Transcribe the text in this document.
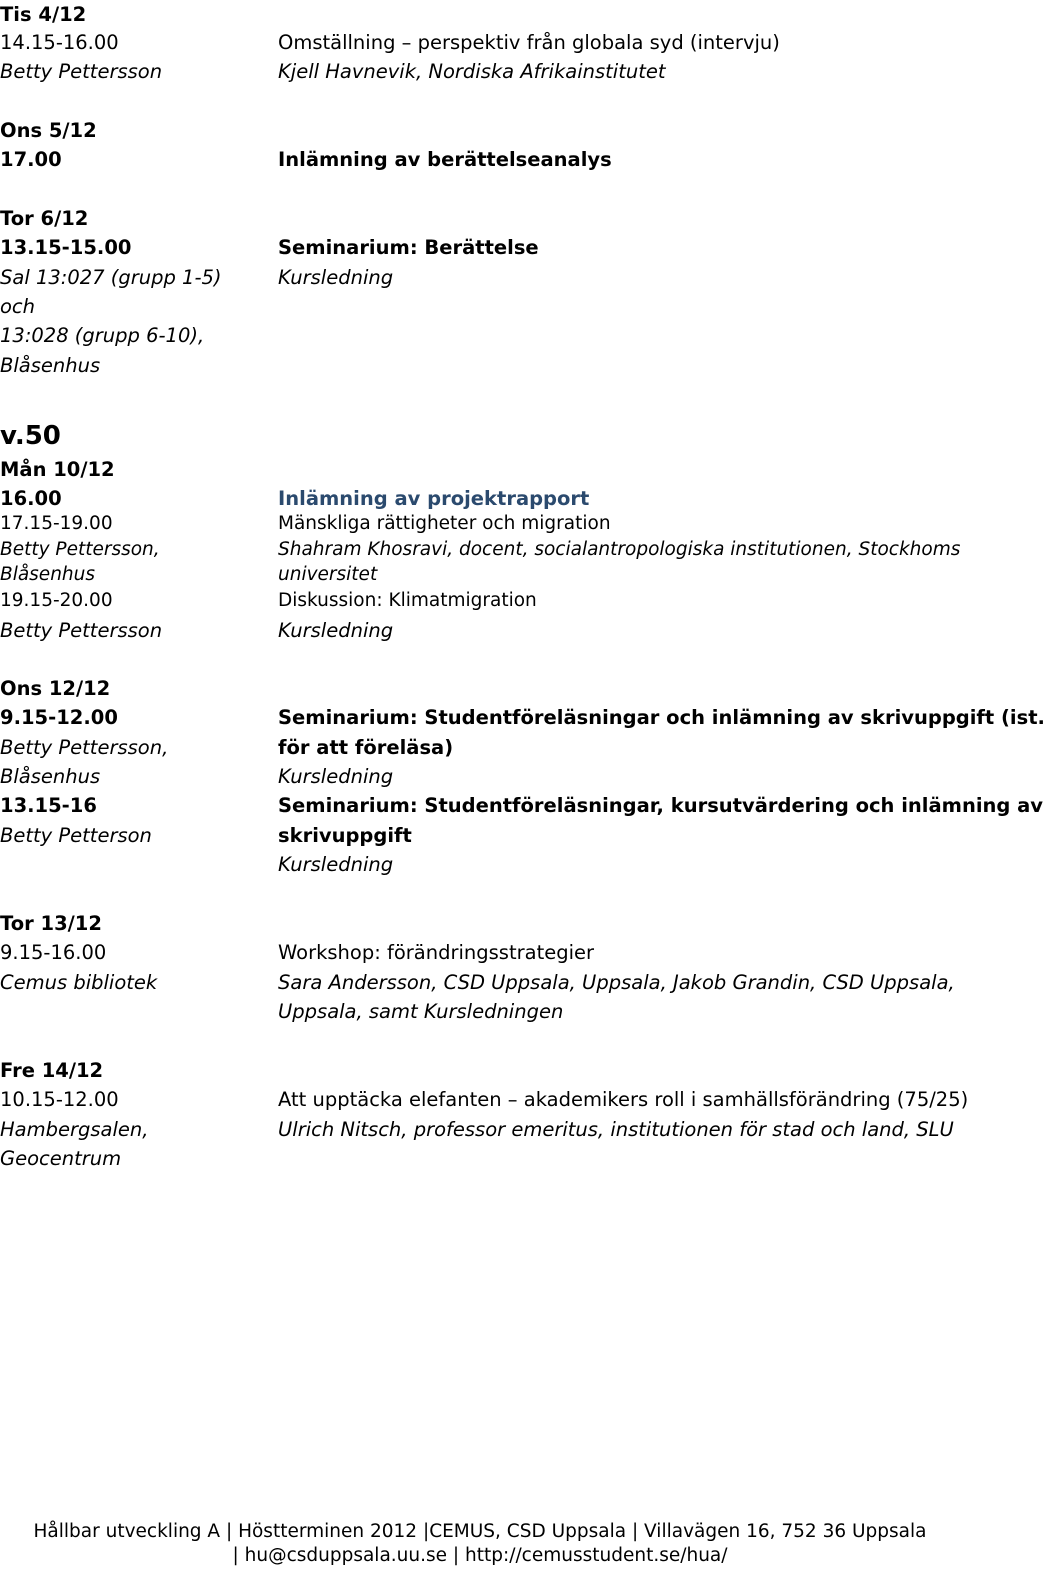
Tis 4/12
14.15-16.00	Omställning – perspektiv från globala syd (intervju)
Betty Pettersson	Kjell Havnevik, Nordiska Afrikainstitutet
Ons 5/12
17.00	Inlämning av berättelseanalys
Tor 6/12
13.15-15.00	Seminarium: Berättelse
Sal 13:027 (grupp 1-5)	Kursledning
och
13:028 (grupp 6-10),
Blåsenhus
v.50
Mån 10/12
16.00	Inlämning av projektrapport
17.15-19.00	Mänskliga rättigheter och migration
Betty Pettersson,	Shahram Khosravi, docent, socialantropologiska institutionen, Stockhoms
Blåsenhus	universitet
19.15-20.00	Diskussion: Klimatmigration
Betty Pettersson	Kursledning
Ons 12/12
9.15-12.00	Seminarium: Studentföreläsningar och inlämning av skrivuppgift (ist.
Betty Pettersson,	för att föreläsa)
Blåsenhus	Kursledning
13.15-16	Seminarium: Studentföreläsningar, kursutvärdering och inlämning av
Betty Petterson	skrivuppgift
Kursledning
Tor 13/12
9.15-16.00	Workshop: förändringsstrategier
Cemus bibliotek	Sara Andersson, CSD Uppsala, Uppsala, Jakob Grandin, CSD Uppsala,
Uppsala, samt Kursledningen
Fre 14/12
10.15-12.00	Att upptäcka elefanten – akademikers roll i samhällsförändring (75/25)
Hambergsalen,	Ulrich Nitsch, professor emeritus, institutionen för stad och land, SLU
Geocentrum
Hållbar utveckling A | Höstterminen 2012 |CEMUS, CSD Uppsala | Villavägen 16, 752 36 Uppsala
| hu@csduppsala.uu.se | http://cemusstudent.se/hua/
